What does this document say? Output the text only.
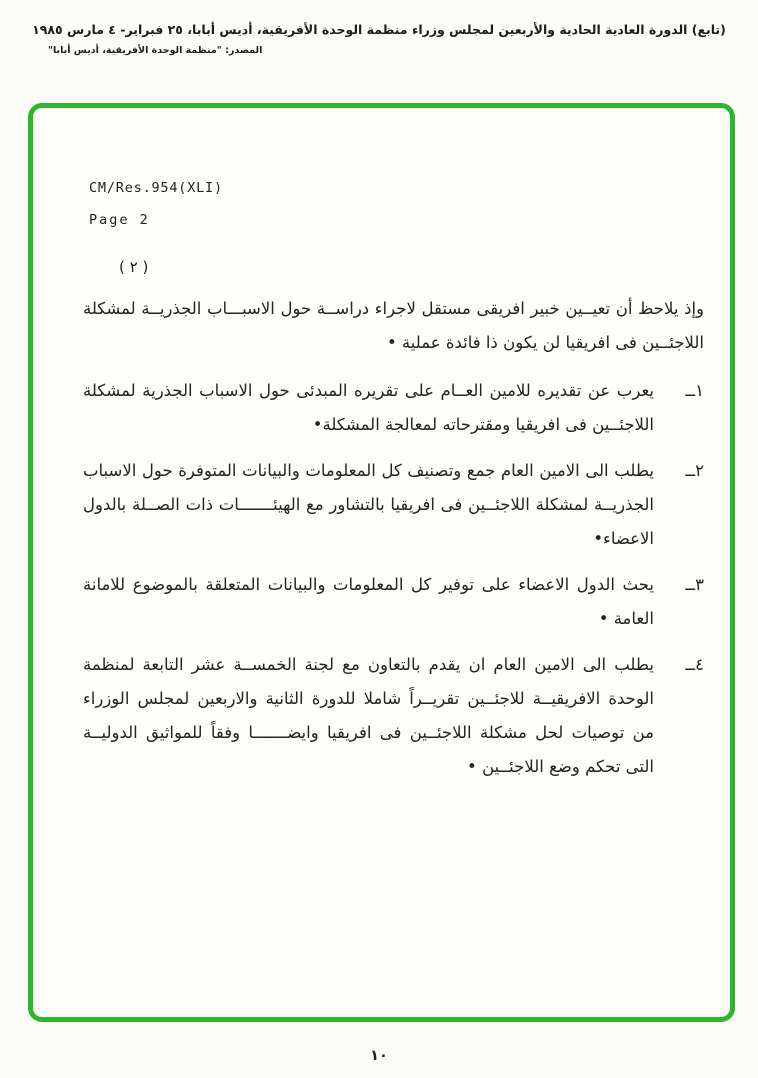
(تابع) الدورة العادية الحادية والأربعين لمجلس وزراء منظمة الوحدة الأفريقية، أديس أبابا، ٢٥ فبراير- ٤ مارس ١٩٨٥
المصدر: "منظمة الوحدة الأفريقية، أديس أبابا"
CM/Res.954(XLI)
Page 2
( ٢ )

وإذ يلاحظ أن تعيــين خبير افريقى مستقل لاجراء دراســة حول الاسبـــاب الجذريــة لمشكلة اللاجئــين فى افريقيا لن يكون ذا فائدة عملية •

١ــ
يعرب عن تقديره للامين العــام على تقريره المبدئى حول الاسباب الجذرية لمشكلة اللاجئــين فى افريقيا ومقترحاته لمعالجة المشكلة•
٢ــ
يطلب الى الامين العام جمع وتصنيف كل المعلومات والبيانات المتوفرة حول الاسباب الجذريــة لمشكلة اللاجئــين فى افريقيا بالتشاور مع الهيئـــــــات ذات الصــلة بالدول الاعضاء•
٣ــ
يحث الدول الاعضاء على توفير كل المعلومات والبيانات المتعلقة بالموضوع للامانة العامة •
٤ــ
يطلب الى الامين العام ان يقدم بالتعاون مع لجنة الخمســة عشر التابعة لمنظمة الوحدة الافريقيــة للاجئــين تقريــراً شاملا للدورة الثانية والاربعين لمجلس الوزراء من توصيات لحل مشكلة اللاجئــين فى افريقيا وايضـــــــا وفقاً للمواثيق الدوليــة التى تحكم وضع اللاجئــين •
١٠
